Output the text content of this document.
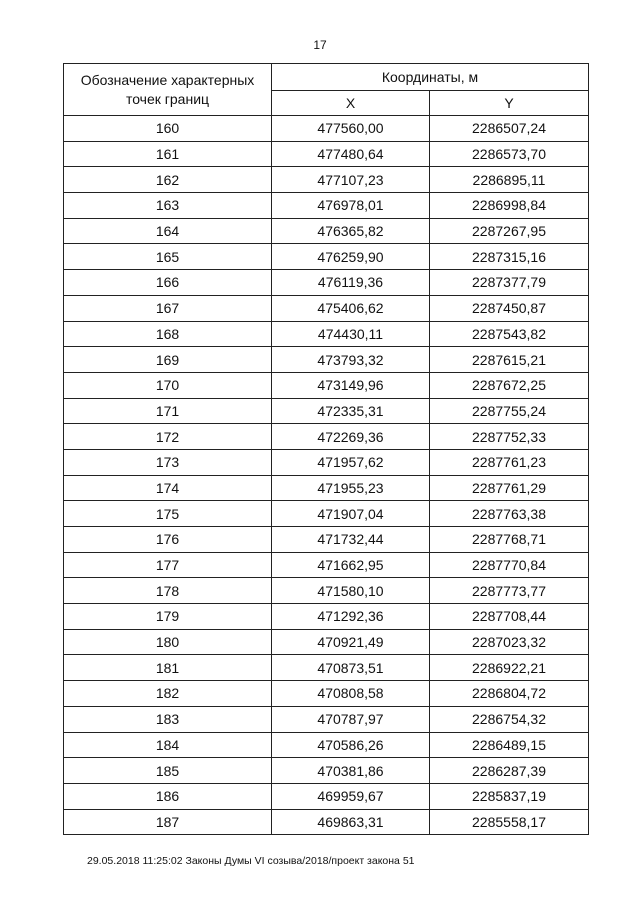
17
Обозначение характерных точек границ	Координаты, м	
	X	Y
160	477560,00	2286507,24
161	477480,64	2286573,70
162	477107,23	2286895,11
163	476978,01	2286998,84
164	476365,82	2287267,95
165	476259,90	2287315,16
166	476119,36	2287377,79
167	475406,62	2287450,87
168	474430,11	2287543,82
169	473793,32	2287615,21
170	473149,96	2287672,25
171	472335,31	2287755,24
172	472269,36	2287752,33
173	471957,62	2287761,23
174	471955,23	2287761,29
175	471907,04	2287763,38
176	471732,44	2287768,71
177	471662,95	2287770,84
178	471580,10	2287773,77
179	471292,36	2287708,44
180	470921,49	2287023,32
181	470873,51	2286922,21
182	470808,58	2286804,72
183	470787,97	2286754,32
184	470586,26	2286489,15
185	470381,86	2286287,39
186	469959,67	2285837,19
187	469863,31	2285558,17
29.05.2018 11:25:02 Законы Думы VI созыва/2018/проект закона 51
